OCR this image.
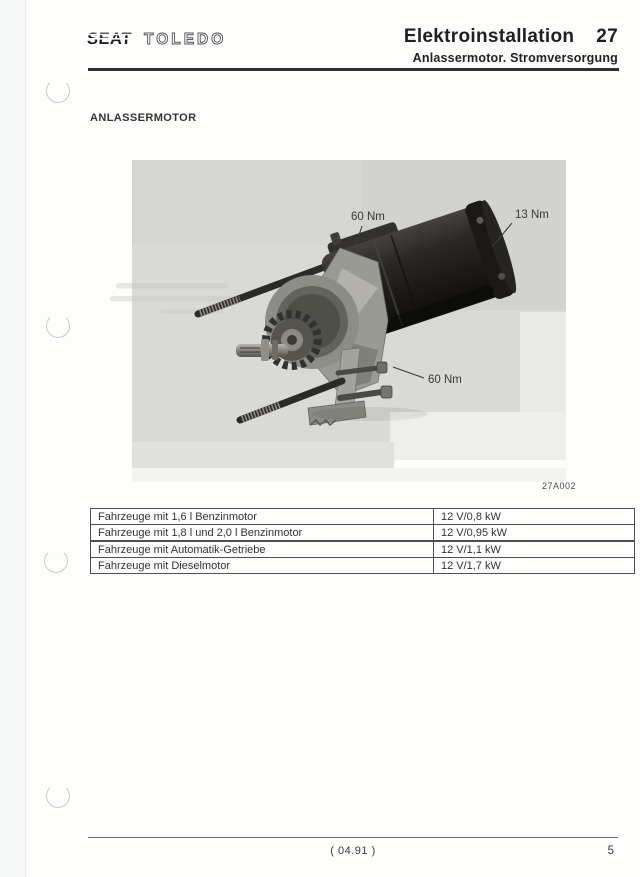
SEAT TOLEDO	Elektroinstallation 27
Anlassermotor. Stromversorgung
ANLASSERMOTOR
60 Nm	13 Nm
60 Nm
27A002
Fahrzeuge mit 1,6 l Benzinmotor	12 V/0,8 kW
Fahrzeuge mit 1,8 l und 2,0 l Benzinmotor	12 V/0,95 kW
Fahrzeuge mit Automatik-Getriebe	12 V/1,1 kW
Fahrzeuge mit Dieselmotor	12 V/1,7 kW
( 04.91 )	5
